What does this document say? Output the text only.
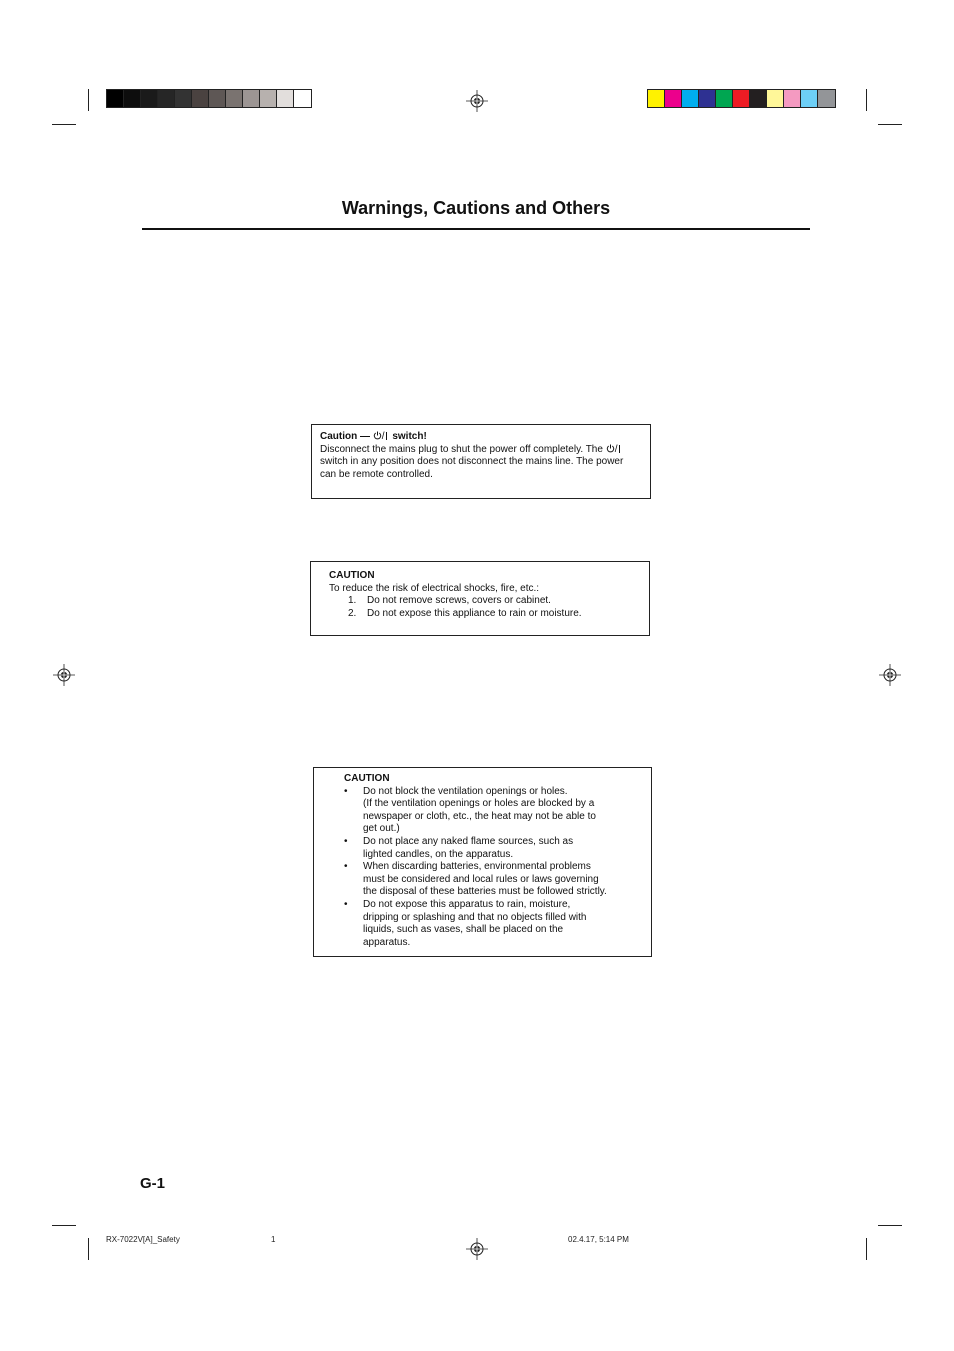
Warnings, Cautions and Others

Caution — / switch!

Disconnect the mains plug to shut the power off completely. The /

switch in any position does not disconnect the mains line. The power

can be remote controlled.

CAUTION

To reduce the risk of electrical shocks, fire, etc.:

1.	Do not remove screws, covers or cabinet.
2.	Do not expose this appliance to rain or moisture.

CAUTION

•	Do not block the ventilation openings or holes.
(If the ventilation openings or holes are blocked by a
newspaper or cloth, etc., the heat may not be able to
get out.)
•	Do not place any naked flame sources, such as
lighted candles, on the apparatus.
•	When discarding batteries, environmental problems
must be considered and local rules or laws governing
the disposal of these batteries must be followed strictly.
•	Do not expose this apparatus to rain, moisture,
dripping or splashing and that no objects filled with
liquids, such as vases, shall be placed on the
apparatus.
G-1
RX-7022V[A]_Safety	1	02.4.17, 5:14 PM
